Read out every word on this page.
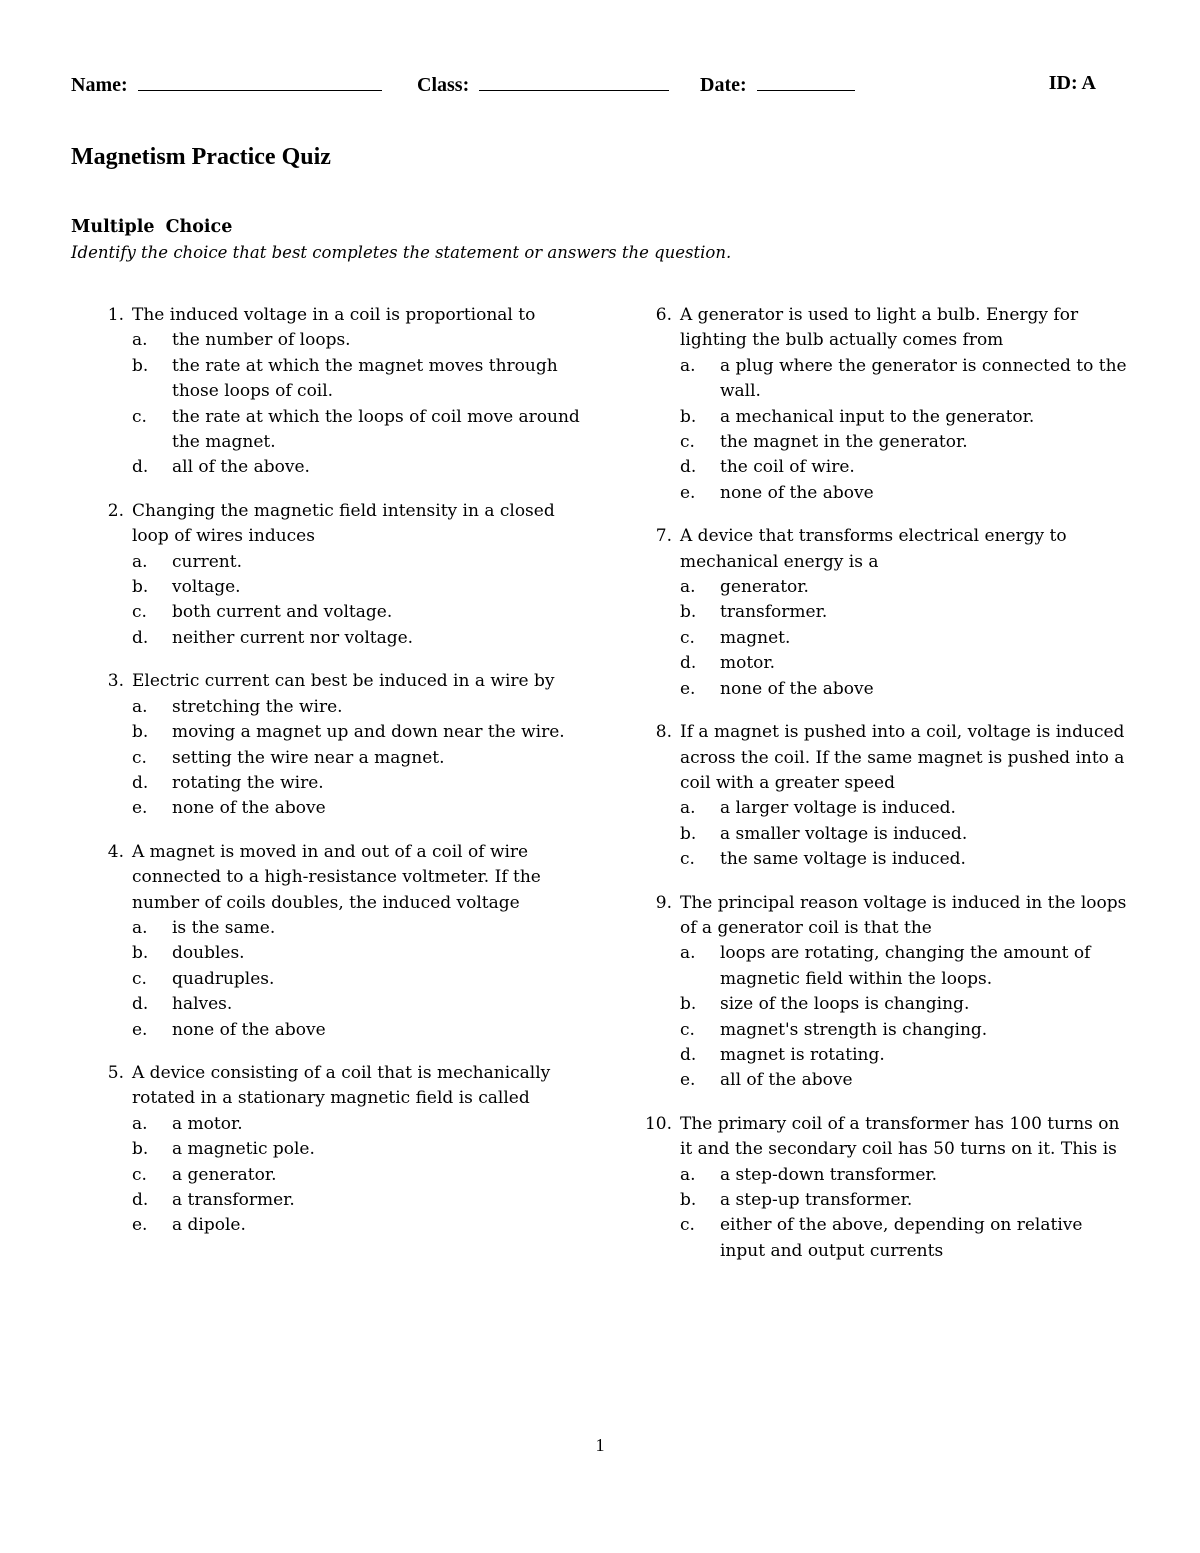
Name:	Class:	Date:	ID: A
Magnetism Practice Quiz
Multiple Choice
Identify the choice that best completes the statement or answers the question.
1. The induced voltage in a coil is proportional to
a. the number of loops.
b. the rate at which the magnet moves through those loops of coil.
c. the rate at which the loops of coil move around the magnet.
d. all of the above.
2. Changing the magnetic field intensity in a closed loop of wires induces
a. current.
b. voltage.
c. both current and voltage.
d. neither current nor voltage.
3. Electric current can best be induced in a wire by
a. stretching the wire.
b. moving a magnet up and down near the wire.
c. setting the wire near a magnet.
d. rotating the wire.
e. none of the above
4. A magnet is moved in and out of a coil of wire connected to a high-resistance voltmeter. If the number of coils doubles, the induced voltage
a. is the same.
b. doubles.
c. quadruples.
d. halves.
e. none of the above
5. A device consisting of a coil that is mechanically rotated in a stationary magnetic field is called
a. a motor.
b. a magnetic pole.
c. a generator.
d. a transformer.
e. a dipole.
6. A generator is used to light a bulb. Energy for lighting the bulb actually comes from
a. a plug where the generator is connected to the wall.
b. a mechanical input to the generator.
c. the magnet in the generator.
d. the coil of wire.
e. none of the above
7. A device that transforms electrical energy to mechanical energy is a
a. generator.
b. transformer.
c. magnet.
d. motor.
e. none of the above
8. If a magnet is pushed into a coil, voltage is induced across the coil. If the same magnet is pushed into a coil with a greater speed
a. a larger voltage is induced.
b. a smaller voltage is induced.
c. the same voltage is induced.
9. The principal reason voltage is induced in the loops of a generator coil is that the
a. loops are rotating, changing the amount of magnetic field within the loops.
b. size of the loops is changing.
c. magnet's strength is changing.
d. magnet is rotating.
e. all of the above
10. The primary coil of a transformer has 100 turns on it and the secondary coil has 50 turns on it. This is
a. a step-down transformer.
b. a step-up transformer.
c. either of the above, depending on relative input and output currents
1
